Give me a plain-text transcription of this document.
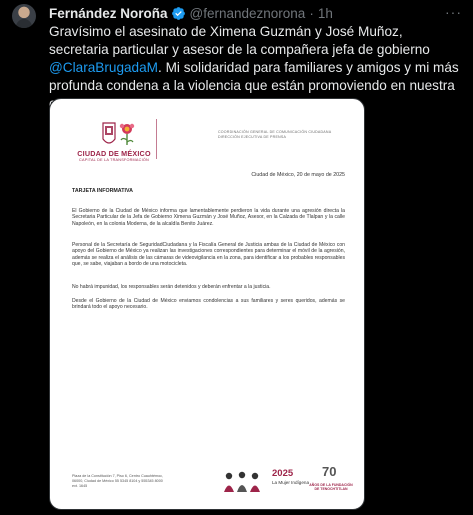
Fernández Noroña @fernandeznorona · 1h	···
Gravísimo el asesinato de Ximena Guzmán y José Muñoz, secretaria particular y asesor de la compañera jefa de gobierno @ClaraBrugadaM. Mi solidaridad para familiares y amigos y mi más profunda condena a la violencia que están promoviendo en nuestra
CIUDAD DE MÉXICO
CAPITAL DE LA TRANSFORMACIÓN
COORDINACIÓN GENERAL DE COMUNICACIÓN CIUDADANA
DIRECCIÓN EJECUTIVA DE PRENSA
Ciudad de México, 20 de mayo de 2025
TARJETA INFORMATIVA

El Gobierno de la Ciudad de México informa que lamentablemente perdieron la vida durante una agresión directa la Secretaria Particular de la Jefa de Gobierno Ximena Guzmán y José Muñoz, Asesor, en la Calzada de Tlalpan y la calle Napoleón, en la colonia Moderna, de la alcaldía Benito Juárez.

Personal de la Secretaría de SeguridadCiudadana y la Fiscalía General de Justicia ambas de la Ciudad de México con apoyo del Gobierno de México ya realizan las investigaciones correspondientes para determinar el móvil de la agresión, además se realiza el análisis de las cámaras de videovigilancia en la zona, para identificar a los probables responsables que, se sabe, viajaban a bordo de una motocicleta.

No habrá impunidad, los responsables serán detenidos y deberán enfrentar a la justicia.

Desde el Gobierno de la Ciudad de México enviamos condolencias a sus familiares y seres queridos, además se brindará todo el apoyo necesario.

Plaza de la Constitución 7, Piso 6, Centro Cuauhtémoc, 06000, Ciudad de México 55 5345 8104 y 555345 8000 ext. 1645
2025
La Mujer Indígena
70
AÑOS DE LA FUNDACIÓN DE TENOCHTITLAN
